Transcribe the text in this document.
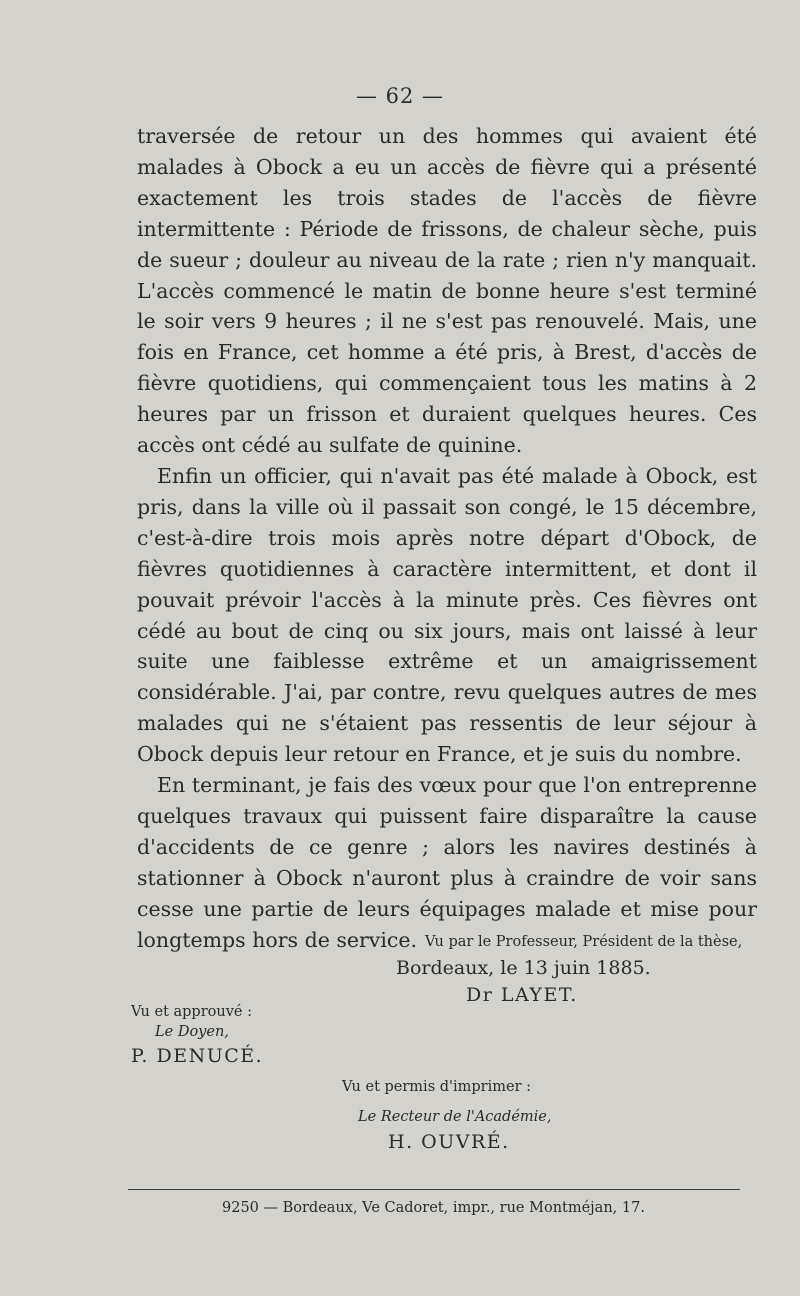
— 62 —

traversée de retour un des hommes qui avaient été malades à Obock a eu un accès de fièvre qui a présenté exactement les trois stades de l'accès de fièvre intermittente : Période de frissons, de chaleur sèche, puis de sueur ; douleur au niveau de la rate ; rien n'y manquait. L'accès commencé le matin de bonne heure s'est terminé le soir vers 9 heures ; il ne s'est pas renouvelé. Mais, une fois en France, cet homme a été pris, à Brest, d'accès de fièvre quotidiens, qui commençaient tous les matins à 2 heures par un frisson et duraient quelques heures. Ces accès ont cédé au sulfate de quinine.

Enfin un officier, qui n'avait pas été malade à Obock, est pris, dans la ville où il passait son congé, le 15 décembre, c'est-à-dire trois mois après notre départ d'Obock, de fièvres quotidiennes à caractère intermittent, et dont il pouvait prévoir l'accès à la minute près. Ces fièvres ont cédé au bout de cinq ou six jours, mais ont laissé à leur suite une faiblesse extrême et un amaigrissement considérable. J'ai, par contre, revu quelques autres de mes malades qui ne s'étaient pas ressentis de leur séjour à Obock depuis leur retour en France, et je suis du nombre.

En terminant, je fais des vœux pour que l'on entreprenne quelques travaux qui puissent faire disparaître la cause d'accidents de ce genre ; alors les navires destinés à stationner à Obock n'auront plus à craindre de voir sans cesse une partie de leurs équipages malade et mise pour longtemps hors de service. Vu par le Professeur, Président de la thèse,
Bordeaux, le 13 juin 1885.
Dr LAYET.
Vu et approuvé :
Le Doyen,
P. DENUCÉ.
Vu et permis d'imprimer :
Le Recteur de l'Académie,
H. OUVRÉ.
9250 — Bordeaux, Ve Cadoret, impr., rue Montméjan, 17.
